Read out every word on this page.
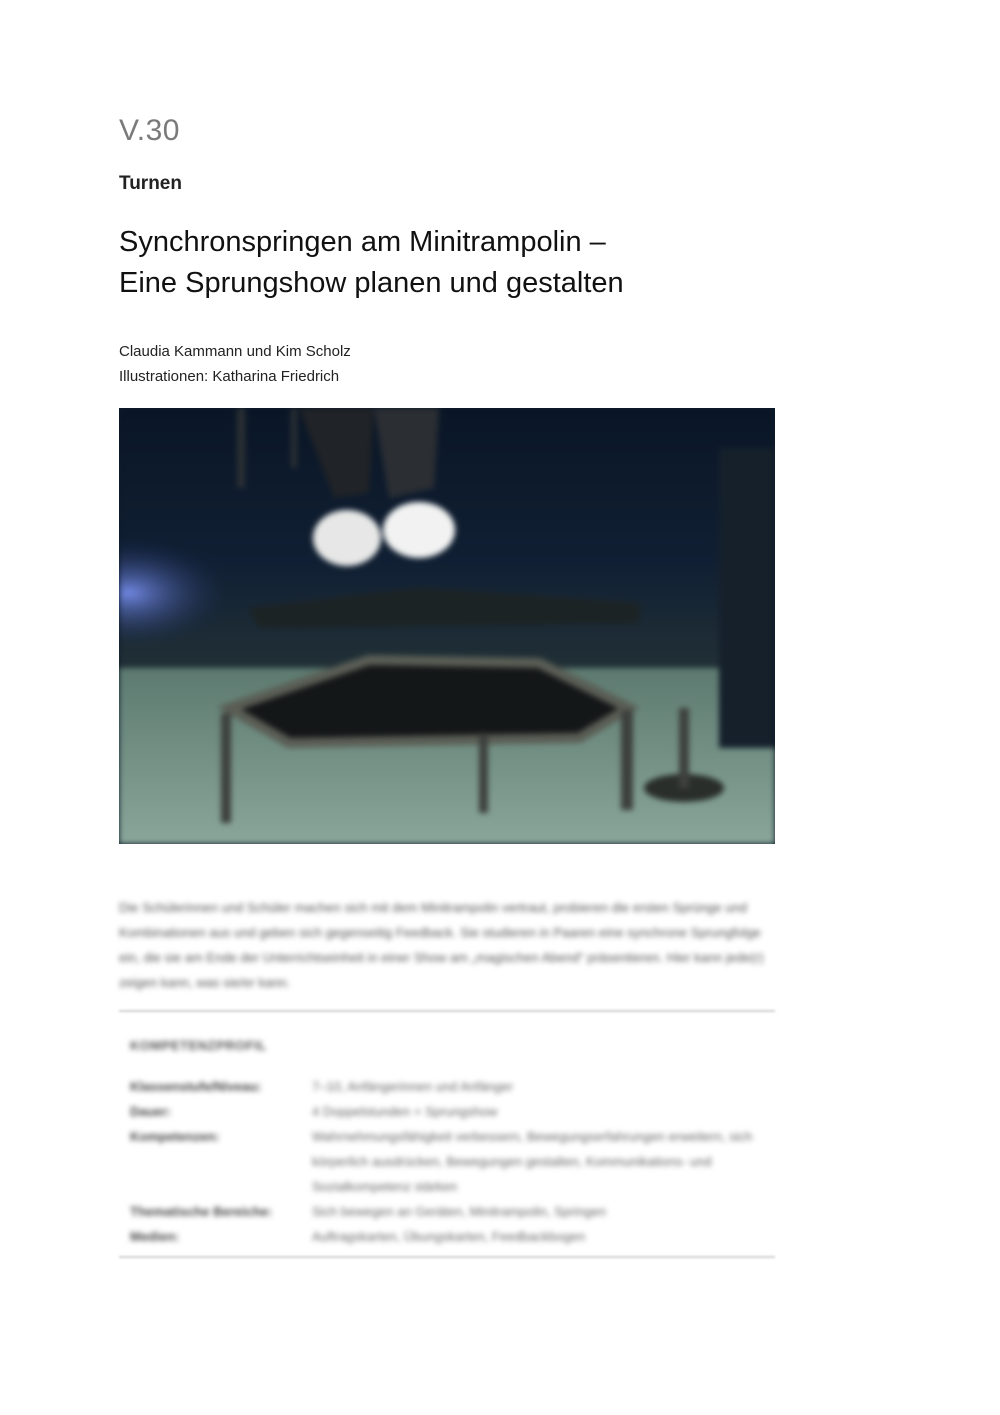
V.30
Turnen
Synchronspringen am Minitrampolin –
Eine Sprungshow planen und gestalten
Claudia Kammann und Kim Scholz
Illustrationen: Katharina Friedrich

Die Schülerinnen und Schüler machen sich mit dem Minitrampolin vertraut, probieren die ersten Sprünge und Kombinationen aus und geben sich gegenseitig Feedback. Sie studieren in Paaren eine synchrone Sprungfolge ein, die sie am Ende der Unterrichtseinheit in einer Show am „magischen Abend“ präsentieren. Hier kann jede(r) zeigen kann, was sie/er kann.

KOMPETENZPROFIL
Klassenstufe/Niveau:	7–10, Anfängerinnen und Anfänger
Dauer:	4 Doppelstunden + Sprungshow
Kompetenzen:	Wahrnehmungsfähigkeit verbessern, Bewegungserfahrungen erweitern, sich körperlich ausdrücken, Bewegungen gestalten, Kommunikations- und Sozialkompetenz stärken
Thematische Bereiche:	Sich bewegen an Geräten, Minitrampolin, Springen
Medien:	Auftragskarten, Übungskarten, Feedbackbogen
